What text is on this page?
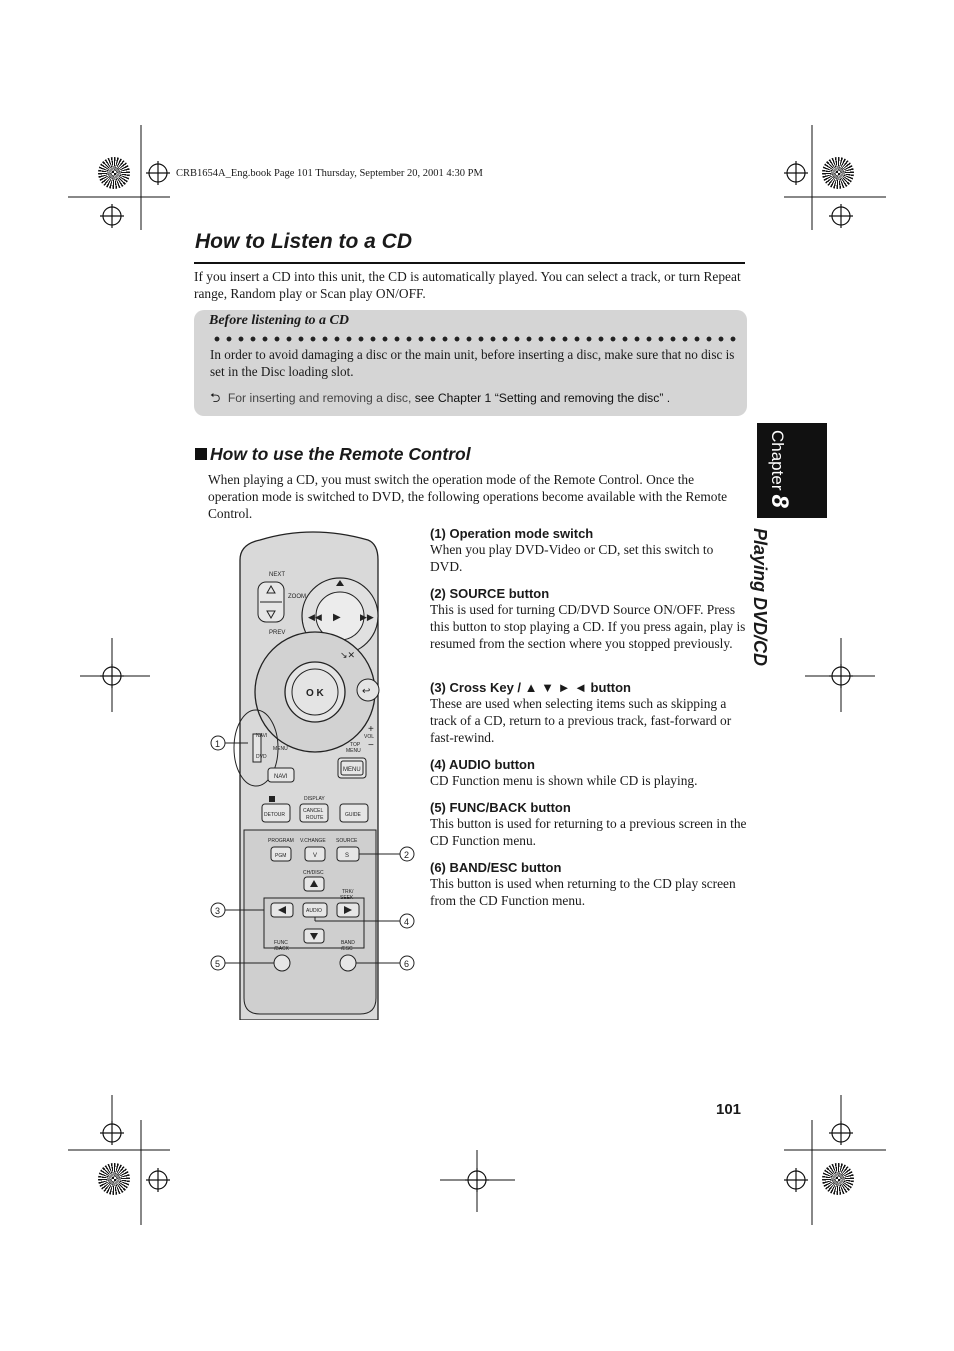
CRB1654A_Eng.book Page 101 Thursday, September 20, 2001 4:30 PM
How to Listen to a CD

If you insert a CD into this unit, the CD is automatically played. You can select a track, or turn Repeat range, Random play or Scan play ON/OFF.

Before listening to a CD

In order to avoid damaging a disc or the main unit, before inserting a disc, make sure that no disc is set in the Disc loading slot.

⮌ For inserting and removing a disc, see Chapter 1 “Setting and removing the disc” .
How to use the Remote Control

When playing a CD, you must switch the operation mode of the Remote Control. Once the operation mode is switched to DVD, the following operations become available with the Remote Control.

(1) Operation mode switch

When you play DVD-Video or CD, set this switch to DVD.

(2) SOURCE button

This is used for turning CD/DVD Source ON/OFF. Press this button to stop playing a CD. If you press again, play is resumed from the section where you stopped previously.

(3) Cross Key / ▲ ▼ ► ◄ button

These are used when selecting items such as skipping a track of a CD, return to a previous track, fast-forward or fast-rewind.

(4) AUDIO button

CD Function menu is shown while CD is playing.

(5) FUNC/BACK button

This button is used for returning to a previous screen in the CD Function menu.

(6) BAND/ESC button

This button is used when returning to the CD play screen from the CD Function menu.

Chapter8
Playing DVD/CD
101
NEXT
ZOOM
PREV
▶
◀◀	▶▶
O K	↩
↘✕
NAVI
DVD
MENU
TOP
MENU
VOL
+
−
NAVI
MENU
DISPLAY
DETOUR
CANCEL
ROUTE	GUIDE
PROGRAM V.CHANGE SOURCE
PGM	V	S
CH/DISC
TRK/
SEEK
AUDIO
FUNC
/BACK
BAND
/ESC
1
2
3
4
5	6
